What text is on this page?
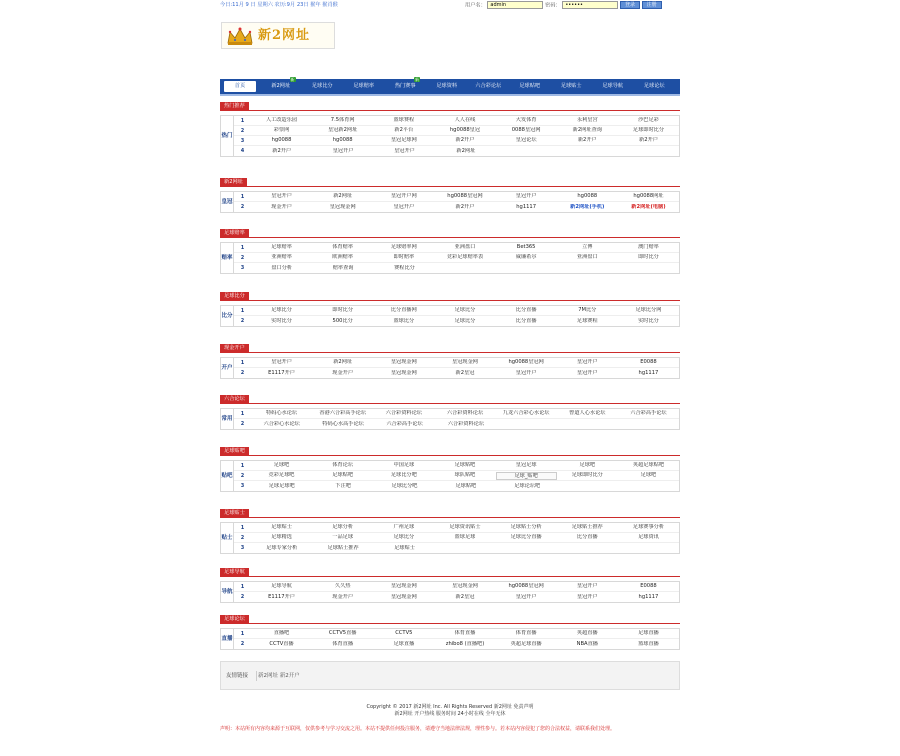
今日:11月 9 日 星期六 农历:9月 23日 猴年 猴肖猴	用户名： admin	密码： ••••••	登录 注册
新2网址
首页	新2网址
新
足球比分	足球赔率	热门赛事
新
足球资料	六合彩论坛	足球贴吧	足球贴士	足球导航	足球论坛
热门推荐
热门
1	人工改造乐园	7.5体育网	篮球赛程	人人在线	大发体育	永利皇宫	沙巴足彩
2	彩票网	皇冠新2网址	新2平台	hg0088皇冠	0088皇冠网	新2网址查询	足球即时比分
3	hg0088	hg0088	皇冠足球网	新2开户	皇冠论坛	新2开户	新2开户
4	新2开户	皇冠开户	皇冠开户	新2网址
新2网址
皇冠
1	皇冠开户	新2网址	皇冠开户网	hg0088皇冠网	皇冠开户	hg0088	hg0088网址
2	现金开户	皇冠现金网	皇冠开户	新2开户	hg1117	新2网址(手机)	新2网址(电脑)
足球赔率
赔率
1	足球赔率	体育赔率	足球赔率网	亚洲盘口	Bet365	立博	澳门赔率
2	亚洲赔率	欧洲赔率	即时赔率	竞彩足球赔率表	威廉希尔	亚洲盘口	即时比分
3	盘口分析	赔率查询	赛程比分
足球比分
比分
1	足球比分	即时比分	比分直播网	足球比分	比分直播	7M比分	足球比分网
2	实时比分	500比分	篮球比分	足球比分	比分直播	足球赛程	实时比分
现金开户
开户
1	皇冠开户	新2网址	皇冠现金网	皇冠现金网	hg0088皇冠网	皇冠开户	E0088
2	E1117开户	现金开户	皇冠现金网	新2皇冠	皇冠开户	皇冠开户	hg1117
六合论坛
常用
1	特码心水论坛	香港六合彩高手论坛	六合彩资料论坛	六合彩资料论坛	九龙六合彩心水论坛	曾道人心水论坛	六合彩高手论坛
2	六合彩心水论坛	特码心水高手论坛	六合彩高手论坛	六合彩资料论坛
足球贴吧
贴吧
1	足球吧	体育论坛	中国足球	足球贴吧	皇冠足球	足球吧	英超足球贴吧
2	竞彩足球吧	足球贴吧	足球比分吧	球队贴吧	足球_贴吧	足球即时比分	足球吧
3	足球足球吧	下注吧	足球比分吧	足球贴吧	足球论坛吧
足球贴士
贴士
1	足球贴士	足球分析	广州足球	足球资讯贴士	足球贴士分析	足球贴士推荐	足球赛事分析
2	足球精选	一品足球	足球比分	篮球足球	足球比分直播	比分直播	足球资讯
3	足球专家分析	足球贴士推荐	足球贴士
足球导航
导航
1	足球导航	久久热	皇冠现金网	皇冠现金网	hg0088皇冠网	皇冠开户	E0088
2	E1117开户	现金开户	皇冠现金网	新2皇冠	皇冠开户	皇冠开户	hg1117
足球论坛
直播
1	直播吧	CCTV5直播	CCTV5	体育直播	体育直播	英超直播	足球直播
2	CCTV直播	体育直播	足球直播	zhibo8 (直播吧)	英超足球直播	NBA直播	篮球直播
友情链接 新2网址 新2开户
Copyright © 2017 新2网址 Inc. All Rights Reserved 新2网址 免责声明
新2网址 开户热线 服务时间 24小时在线 全年无休
声明：本站所有内容均来源于互联网，仅供参考与学习交流之用。本站不提供任何投注服务，请遵守当地法律法规，理性参与。若本站内容侵犯了您的合法权益，请联系我们处理。
